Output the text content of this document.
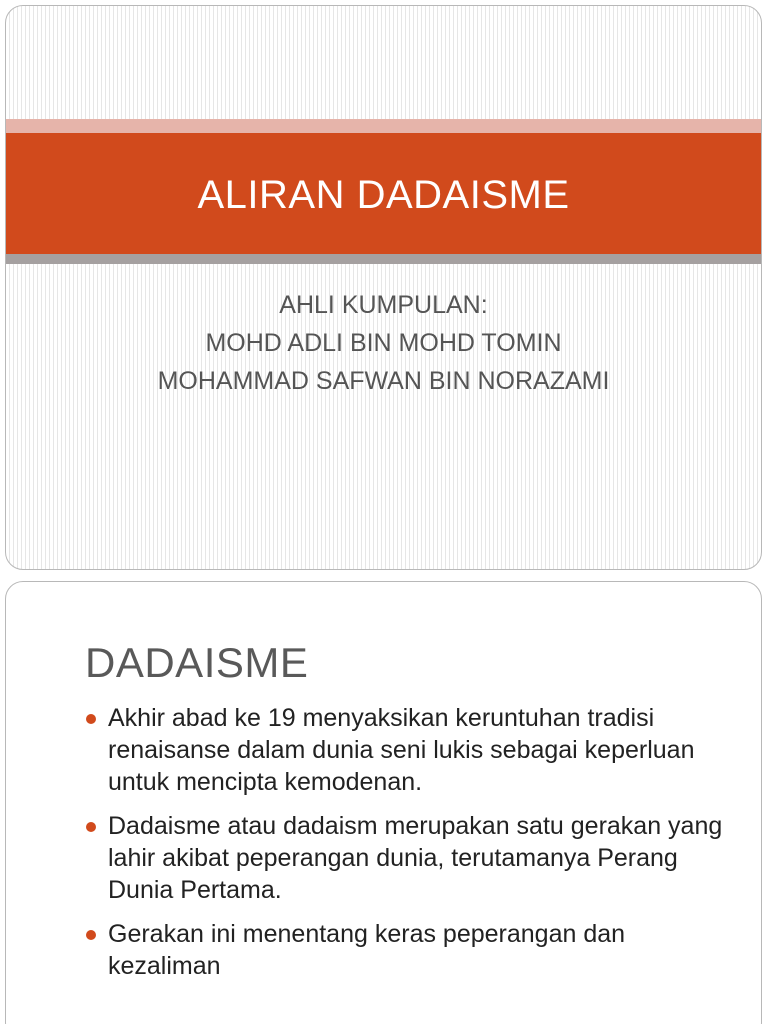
ALIRAN DADAISME
AHLI KUMPULAN:
MOHD ADLI BIN MOHD TOMIN
MOHAMMAD SAFWAN BIN NORAZAMI
DADAISME
Akhir abad ke 19 menyaksikan keruntuhan tradisi renaisanse dalam dunia seni lukis sebagai keperluan untuk mencipta kemodenan.
Dadaisme atau dadaism merupakan satu gerakan yang lahir akibat peperangan dunia, terutamanya Perang Dunia Pertama.
Gerakan ini menentang keras peperangan dan kezaliman
